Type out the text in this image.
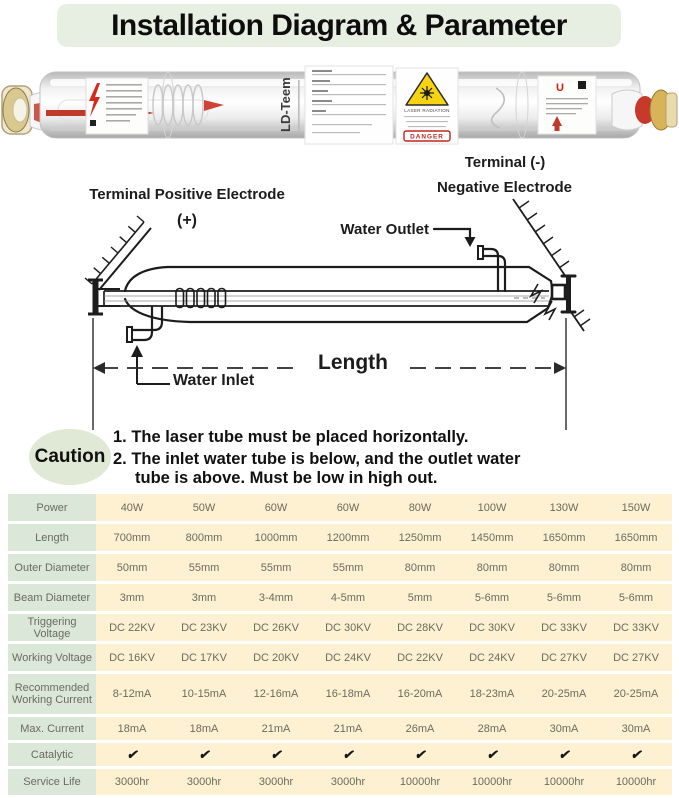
Installation Diagram & Parameter
LD-Teem	LASER RADIATION
DANGER
U
Terminal (-)
Negative Electrode
Terminal Positive Electrode
(+)
Water Outlet
Water Inlet
Length
Caution
1. The laser tube must be placed horizontally.
2. The inlet water tube is below, and the outlet water
tube is above. Must be low in high out.
Power	40W	50W	60W	60W	80W	100W	130W	150W
Length	700mm	800mm	1000mm	1200mm	1250mm	1450mm	1650mm	1650mm
Outer Diameter	50mm	55mm	55mm	55mm	80mm	80mm	80mm	80mm
Beam Diameter	3mm	3mm	3-4mm	4-5mm	5mm	5-6mm	5-6mm	5-6mm
Triggering Voltage	DC 22KV	DC 23KV	DC 26KV	DC 30KV	DC 28KV	DC 30KV	DC 33KV	DC 33KV
Working Voltage	DC 16KV	DC 17KV	DC 20KV	DC 24KV	DC 22KV	DC 24KV	DC 27KV	DC 27KV
Recommended Working Current	8-12mA	10-15mA	12-16mA	16-18mA	16-20mA	18-23mA	20-25mA	20-25mA
Max. Current	18mA	18mA	21mA	21mA	26mA	28mA	30mA	30mA
Catalytic	✔	✔	✔	✔	✔	✔	✔	✔
Service Life	3000hr	3000hr	3000hr	3000hr	10000hr	10000hr	10000hr	10000hr
